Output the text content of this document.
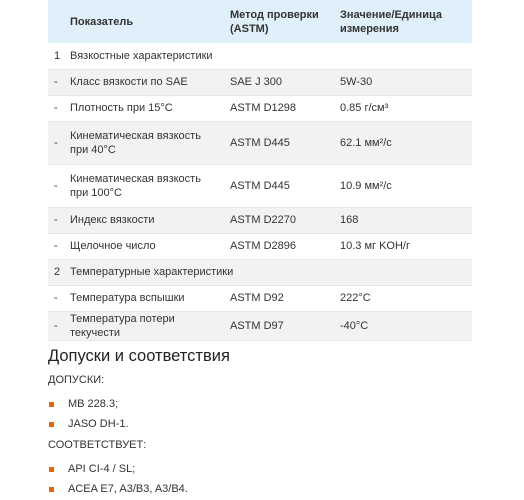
	Показатель	Метод проверки (ASTM)	Значение/Единица измерения
1	Вязкостные характеристики		
-	Класс вязкости по SAE	SAE J 300	5W-30
-	Плотность при 15°C	ASTM D1298	0.85 г/см³
-	Кинематическая вязкость при 40°C	ASTM D445	62.1 мм²/с
-	Кинематическая вязкость при 100°C	ASTM D445	10.9 мм²/с
-	Индекс вязкости	ASTM D2270	168
-	Щелочное число	ASTM D2896	10.3 мг KOH/г
2	Температурные характеристики		
-	Температура вспышки	ASTM D92	222°C
-	Температура потери текучести	ASTM D97	-40°C
Допуски и соответствия

ДОПУСКИ:

MB 228.3;
JASO DH-1.

СООТВЕТСТВУЕТ:

API CI-4 / SL;
ACEA E7, A3/B3, A3/B4.
